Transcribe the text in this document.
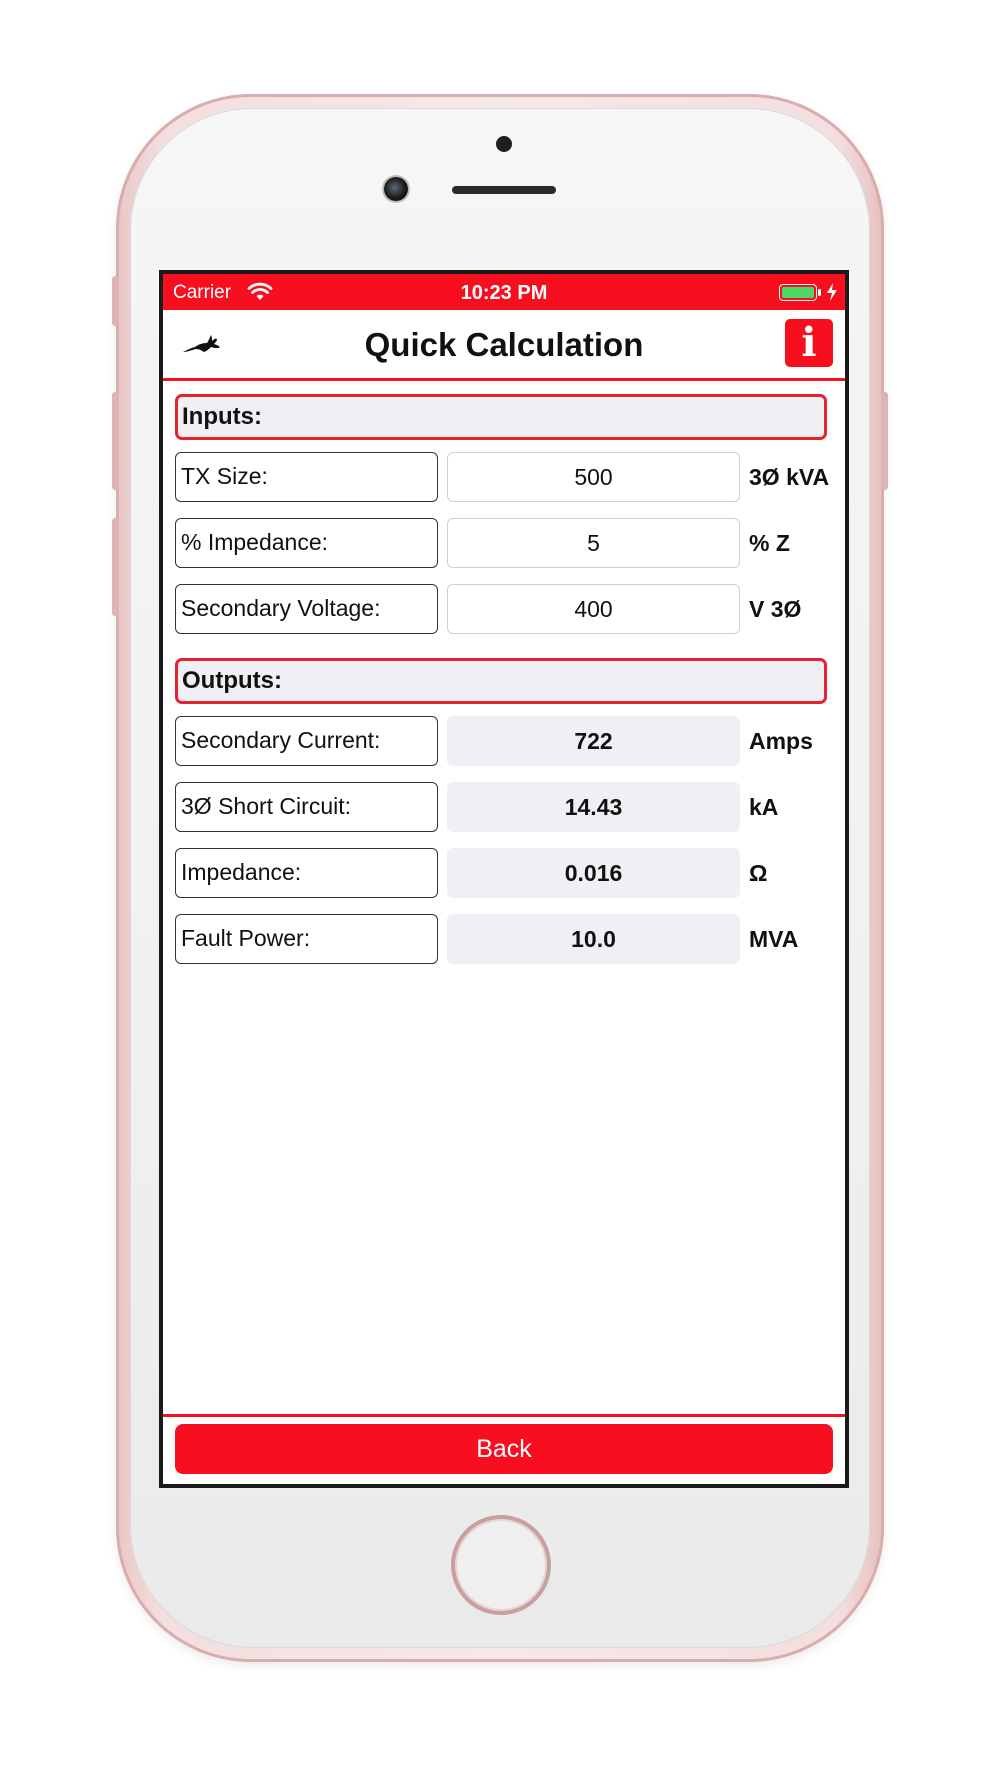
Carrier	10:23 PM
Quick Calculation	i
Inputs:
TX Size:
500	3Ø kVA
% Impedance:
5	% Z
Secondary Voltage:
400	V 3Ø
Outputs:
Secondary Current:	722	Amps
3Ø Short Circuit:	14.43	kA
Impedance:	0.016	Ω
Fault Power:	10.0	MVA
Back
